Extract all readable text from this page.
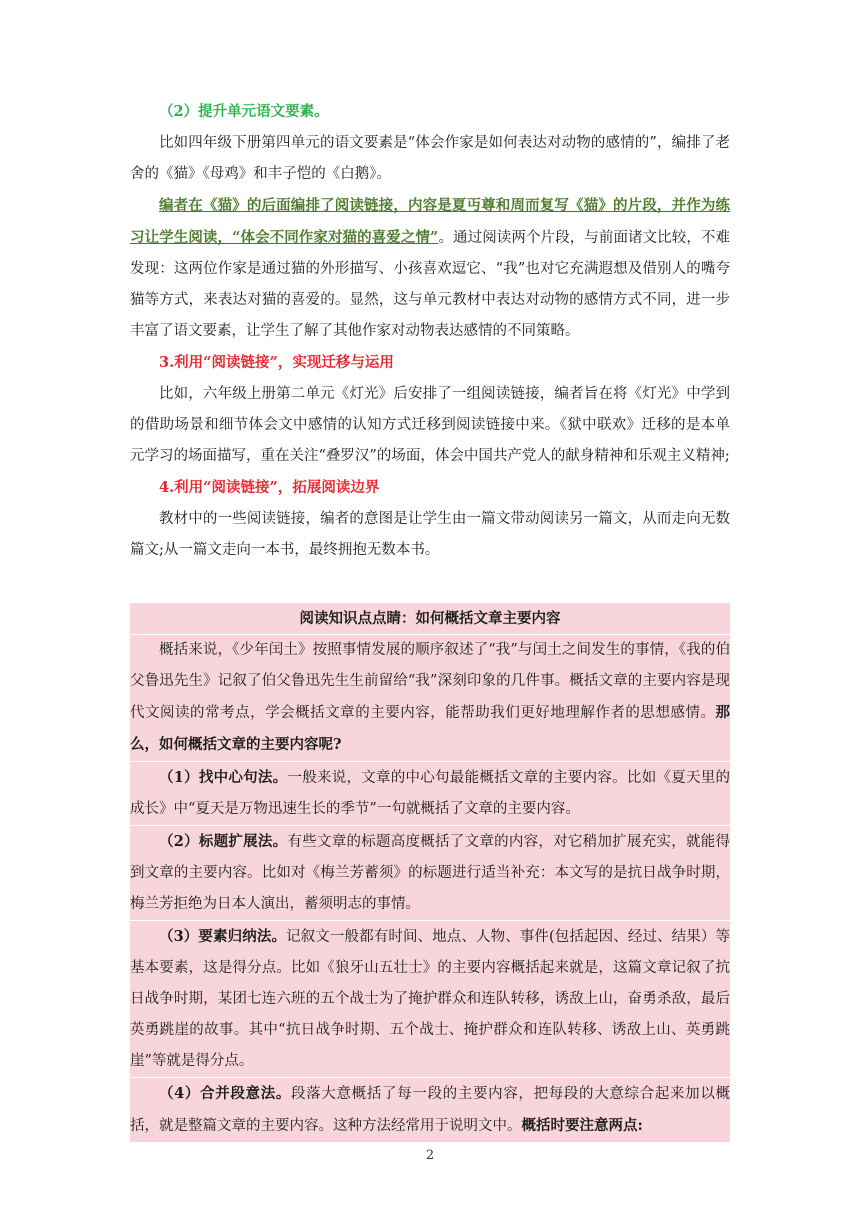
（2）提升单元语文要素。

比如四年级下册第四单元的语文要素是“体会作家是如何表达对动物的感情的”，编排了老舍的《猫》《母鸡》和丰子恺的《白鹅》。

编者在《猫》的后面编排了阅读链接，内容是夏丏尊和周而复写《猫》的片段，并作为练习让学生阅读，“体会不同作家对猫的喜爱之情”。通过阅读两个片段，与前面诸文比较，不难发现：这两位作家是通过猫的外形描写、小孩喜欢逗它、“我”也对它充满遐想及借别人的嘴夸猫等方式，来表达对猫的喜爱的。显然，这与单元教材中表达对动物的感情方式不同，进一步丰富了语文要素，让学生了解了其他作家对动物表达感情的不同策略。

3.利用“阅读链接”，实现迁移与运用

比如，六年级上册第二单元《灯光》后安排了一组阅读链接，编者旨在将《灯光》中学到的借助场景和细节体会文中感情的认知方式迁移到阅读链接中来。《狱中联欢》迁移的是本单元学习的场面描写，重在关注“叠罗汉”的场面，体会中国共产党人的献身精神和乐观主义精神;

4.利用“阅读链接”，拓展阅读边界

教材中的一些阅读链接，编者的意图是让学生由一篇文带动阅读另一篇文，从而走向无数篇文;从一篇文走向一本书，最终拥抱无数本书。

阅读知识点点睛：如何概括文章主要内容

概括来说，《少年闰土》按照事情发展的顺序叙述了“我”与闰土之间发生的事情，《我的伯父鲁迅先生》记叙了伯父鲁迅先生生前留给“我”深刻印象的几件事。概括文章的主要内容是现代文阅读的常考点，学会概括文章的主要内容，能帮助我们更好地理解作者的思想感情。那么，如何概括文章的主要内容呢?

（1）找中心句法。一般来说，文章的中心句最能概括文章的主要内容。比如《夏天里的成长》中“夏天是万物迅速生长的季节”一句就概括了文章的主要内容。

（2）标题扩展法。有些文章的标题高度概括了文章的内容，对它稍加扩展充实，就能得到文章的主要内容。比如对《梅兰芳蓄须》的标题进行适当补充：本文写的是抗日战争时期，梅兰芳拒绝为日本人演出，蓄须明志的事情。

（3）要素归纳法。记叙文一般都有时间、地点、人物、事件(包括起因、经过、结果）等基本要素，这是得分点。比如《狼牙山五壮士》的主要内容概括起来就是，这篇文章记叙了抗日战争时期，某团七连六班的五个战士为了掩护群众和连队转移，诱敌上山，奋勇杀敌，最后英勇跳崖的故事。其中“抗日战争时期、五个战士、掩护群众和连队转移、诱敌上山、英勇跳崖”等就是得分点。

（4）合并段意法。段落大意概括了每一段的主要内容，把每段的大意综合起来加以概括，就是整篇文章的主要内容。这种方法经常用于说明文中。概括时要注意两点:

2
